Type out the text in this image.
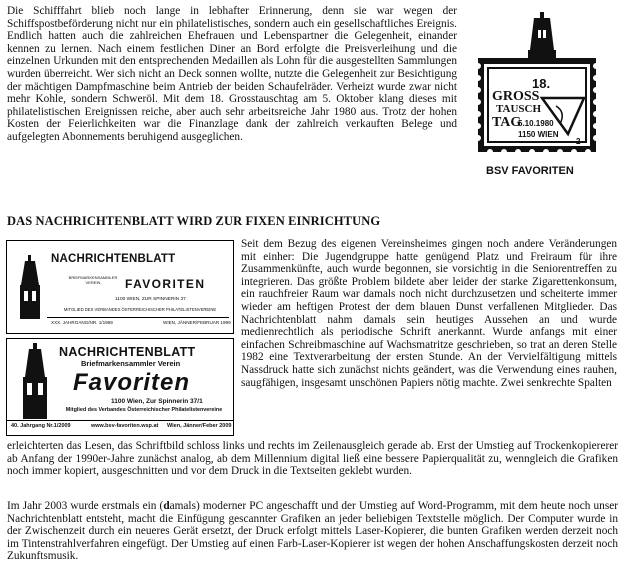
Die Schifffahrt blieb noch lange in lebhafter Erinnerung, denn sie war wegen der Schiffspostbeförderung nicht nur ein philatelistisches, sondern auch ein gesellschaftliches Ereignis. Endlich hatten auch die zahlreichen Ehefrauen und Lebenspartner die Gelegenheit, einander kennen zu lernen. Nach einem festlichen Diner an Bord erfolgte die Preisverleihung und die einzelnen Urkunden mit den entsprechenden Medaillen als Lohn für die ausgestellten Sammlungen wurden überreicht. Wer sich nicht an Deck sonnen wollte, nutzte die Gelegenheit zur Besichtigung der mächtigen Dampfmaschine beim Antrieb der beiden Schaufelräder. Verheizt wurde zwar nicht mehr Kohle, sondern Schweröl. Mit dem 18. Grosstauschtag am 5. Oktober klang dieses mit philatelistischen Ereignissen reiche, aber auch sehr arbeitsreiche Jahr 1980 aus. Trotz der hohen Kosten der Feierlichkeiten war die Finanzlage dank der zahlreich verkauften Belege und aufgelegten Abonnements beruhigend ausgeglichen.

18.
GROSS
TAUSCH
TAG
5.10.1980
1150 WIEN
2
BSV FAVORITEN

DAS NACHRICHTENBLATT WIRD ZUR FIXEN EINRICHTUNG

NACHRICHTENBLATT
BRIEFMARKENSAMMLER VEREIN	FAVORITEN
1100 WIEN, ZUR SPINNERIN 37
MITGLIED DES VERBANDES ÖSTERREICHISCHER PHILATELISTENVEREINE
XXX. JAHRGANG/NR. 1/1999	WIEN, JÄNNER/FEBRUAR 1999
NACHRICHTENBLATT
Briefmarkensammler Verein
Favoriten
1100 Wien, Zur Spinnerin 37/1
Mitglied des Verbandes Österreichischer Philatelistenvereine
40. Jahrgang Nr.1/2009	www.bsv-favoriten.wsp.at Wien, Jänner/Feber 2009

Seit dem Bezug des eigenen Vereinsheimes gingen noch andere Veränderungen mit einher: Die Jugendgruppe hatte genügend Platz und Freiraum für ihre Zusammenkünfte, auch wurde begonnen, sie vorsichtig in die Seniorentreffen zu integrieren. Das größte Problem bildete aber leider der starke Zigarettenkonsum, ein rauchfreier Raum war damals noch nicht durchzusetzen und scheiterte immer wieder am heftigen Protest der dem blauen Dunst verfallenen Mitglieder. Das Nachrichtenblatt nahm damals sein heutiges Aussehen an und wurde medienrechtlich als periodische Schrift anerkannt. Wurde anfangs mit einer einfachen Schreibmaschine auf Wachsmatritze geschrieben, so trat an deren Stelle 1982 eine Textverarbeitung der ersten Stunde. An der Vervielfältigung mittels Nassdruck hatte sich zunächst nichts geändert, was die Verwendung eines rauhen, saugfähigen, insgesamt unschönen Papiers nötig machte. Zwei senkrechte Spalten

erleichterten das Lesen, das Schriftbild schloss links und rechts im Zeilenausgleich gerade ab. Erst der Umstieg auf Trockenkopiererer ab Anfang der 1990er-Jahre zunächst analog, ab dem Millennium digital ließ eine bessere Papierqualität zu, wenngleich die Grafiken noch immer kopiert, ausgeschnitten und vor dem Druck in die Textseiten geklebt wurden.

Im Jahr 2003 wurde erstmals ein (damals) moderner PC angeschafft und der Umstieg auf Word-Programm, mit dem heute noch unser Nachrichtenblatt entsteht, macht die Einfügung gescannter Grafiken an jeder beliebigen Textstelle möglich. Der Computer wurde in der Zwischenzeit durch ein neueres Gerät ersetzt, der Druck erfolgt mittels Laser-Kopierer, die bunten Grafiken werden derzeit noch im Tintenstrahlverfahren eingefügt. Der Umstieg auf einen Farb-Laser-Kopierer ist wegen der hohen Anschaffungskosten derzeit noch Zukunftsmusik.
